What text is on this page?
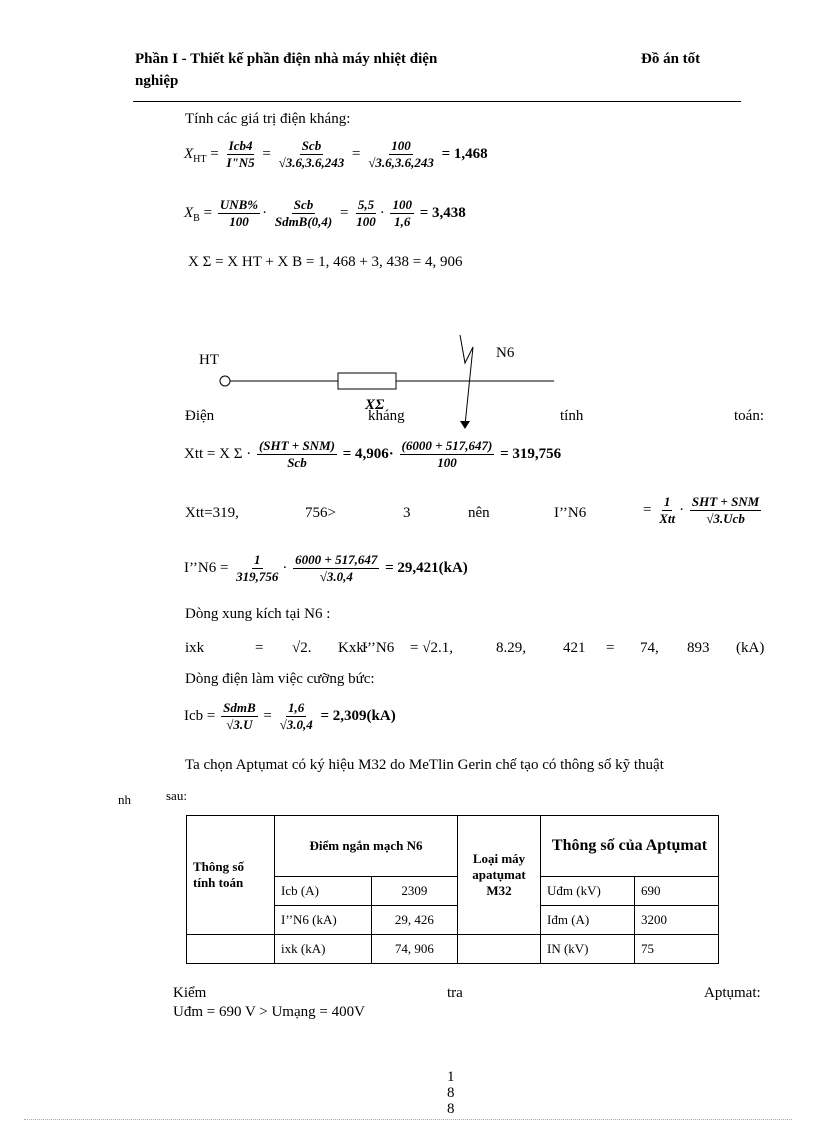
Phần I - Thiết kế phần điện nhà máy nhiệt điện
nghiệp
Đồ án tốt
Tính các giá trị điện kháng:
$X_{HT} = \frac{\text{Icb4}}{I"N5} = \frac{\text{Scb}}{√3.6,3.6,243} = \frac{100}{√3.6,3.6,243} = 1,468$
$X_B = \frac{\text{UNB\%}}{100} \cdot \frac{\text{Scb}}{\text{SdmB(0,4)}} = \frac{5,5}{100} \cdot \frac{100}{1,6} = 3,438$
X Σ = X HT + X B = 1, 468 + 3, 438 = 4, 906
HT	N6
XΣ
Điện	kháng	tính	toán:
Xtt = X $\Sigma \cdot \frac{\text{(SHT + SNM)}}{\text{Scb}} = 4,906\cdot \frac{(6000 + 517,647)}{100} = 319,756$
Xtt=319,	756>	3	nên	I’’N6	= $\frac{1}{\text{Xtt}} \cdot \frac{\text{SHT + SNM}}{\text{√3.Ucb}}$
I’’N6 = $\frac{1}{319,756} \cdot \frac{6000 + 517,647}{√3.0,4} = 29,421(kA)$
Dòng xung kích tại N6 :
ixk	= √2. Kxk·
I’’N6 = √2.1,	8.29, 421 = 74, 893 (kA)
Dòng điện làm việc cưỡng bức:
Icb = $\frac{\text{SdmB}}{√3.U} = \frac{1,6}{√3.0,4} = 2,309(kA)$
Ta chọn Aptụmat có ký hiệu M32 do MeTlin Gerin chế tạo có thông số kỹ thuật
nh	sau:
Thông số tính toán	Điểm ngắn mạch N6		Loại máy apatụmat M32	Thông số của Aptụmat	
	Icb (A)	2309		Uđm (kV)	690
	I’’N6 (kA)	29, 426		Iđm (A)	3200
	ixk (kA)	74, 906		IN (kV)	75
Kiểm	tra	Aptụmat:
Uđm = 690 V > Umạng = 400V
1
8
8
